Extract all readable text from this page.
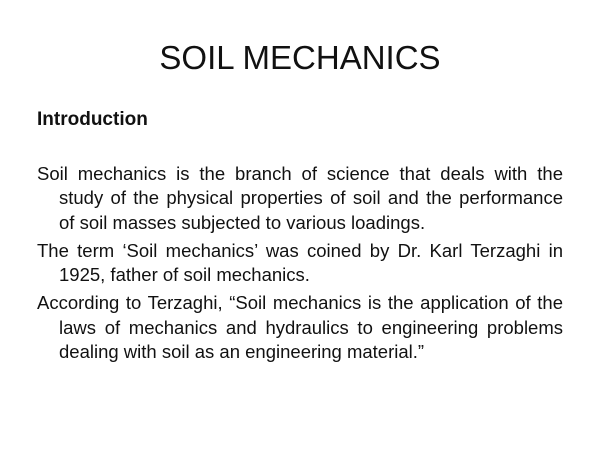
SOIL MECHANICS

Introduction

Soil mechanics is the branch of science that deals with the study of the physical properties of soil and the performance of soil masses subjected to various loadings.

The term ‘Soil mechanics’ was coined by Dr. Karl Terzaghi in 1925, father of soil mechanics.

According to Terzaghi, “Soil mechanics is the application of the laws of mechanics and hydraulics to engineering problems dealing with soil as an engineering material.”
